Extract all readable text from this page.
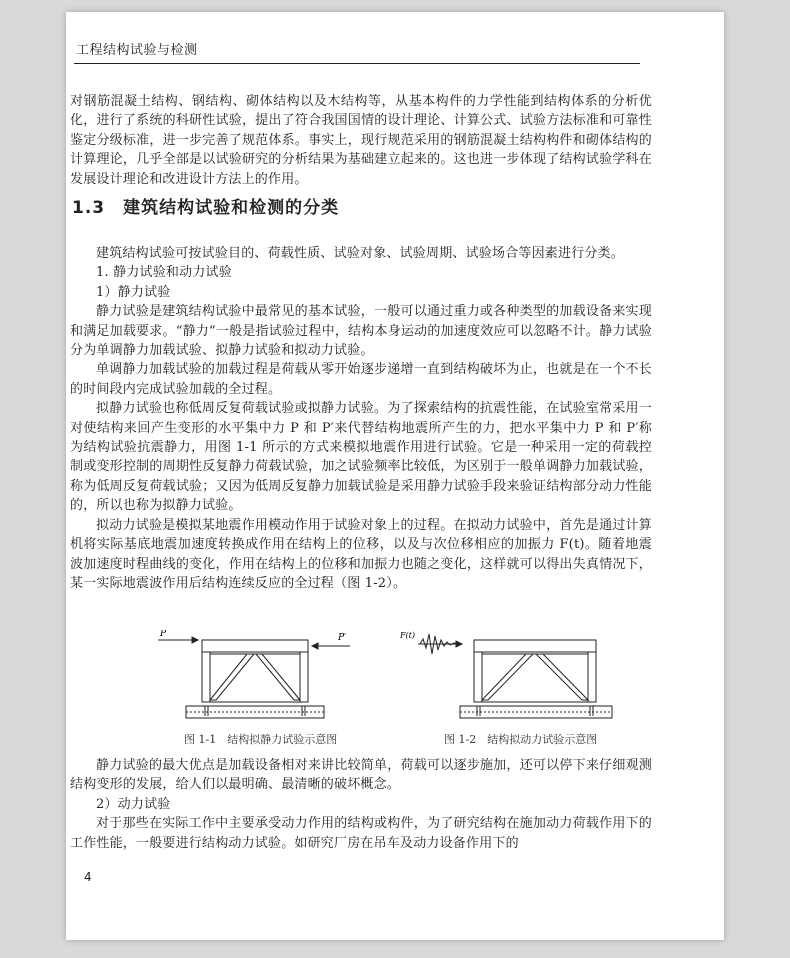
工程结构试验与检测

对钢筋混凝土结构、钢结构、砌体结构以及木结构等，从基本构件的力学性能到结构体系的分析优化，进行了系统的科研性试验，提出了符合我国国情的设计理论、计算公式、试验方法标准和可靠性鉴定分级标准，进一步完善了规范体系。事实上，现行规范采用的钢筋混凝土结构构件和砌体结构的计算理论，几乎全部是以试验研究的分析结果为基础建立起来的。这也进一步体现了结构试验学科在发展设计理论和改进设计方法上的作用。

1.3 建筑结构试验和检测的分类

建筑结构试验可按试验目的、荷载性质、试验对象、试验周期、试验场合等因素进行分类。

1. 静力试验和动力试验

1）静力试验

静力试验是建筑结构试验中最常见的基本试验，一般可以通过重力或各种类型的加载设备来实现和满足加载要求。“静力”一般是指试验过程中，结构本身运动的加速度效应可以忽略不计。静力试验分为单调静力加载试验、拟静力试验和拟动力试验。

单调静力加载试验的加载过程是荷载从零开始逐步递增一直到结构破坏为止，也就是在一个不长的时间段内完成试验加载的全过程。

拟静力试验也称低周反复荷载试验或拟静力试验。为了探索结构的抗震性能，在试验室常采用一对使结构来回产生变形的水平集中力 P 和 P′来代替结构地震所产生的力，把水平集中力 P 和 P′称为结构试验抗震静力，用图 1-1 所示的方式来模拟地震作用进行试验。它是一种采用一定的荷载控制或变形控制的周期性反复静力荷载试验，加之试验频率比较低，为区别于一般单调静力加载试验，称为低周反复荷载试验；又因为低周反复静力加载试验是采用静力试验手段来验证结构部分动力性能的，所以也称为拟静力试验。

拟动力试验是模拟某地震作用模动作用于试验对象上的过程。在拟动力试验中，首先是通过计算机将实际基底地震加速度转换成作用在结构上的位移，以及与次位移相应的加振力 F(t)。随着地震波加速度时程曲线的变化，作用在结构上的位移和加振力也随之变化，这样就可以得出失真情况下，某一实际地震波作用后结构连续反应的全过程（图 1-2）。

P	P′
图 1-1　结构拟静力试验示意图
F(t)
图 1-2　结构拟动力试验示意图

静力试验的最大优点是加载设备相对来讲比较简单，荷载可以逐步施加，还可以停下来仔细观测结构变形的发展，给人们以最明确、最清晰的破坏概念。

2）动力试验

对于那些在实际工作中主要承受动力作用的结构或构件，为了研究结构在施加动力荷载作用下的工作性能，一般要进行结构动力试验。如研究厂房在吊车及动力设备作用下的

4
